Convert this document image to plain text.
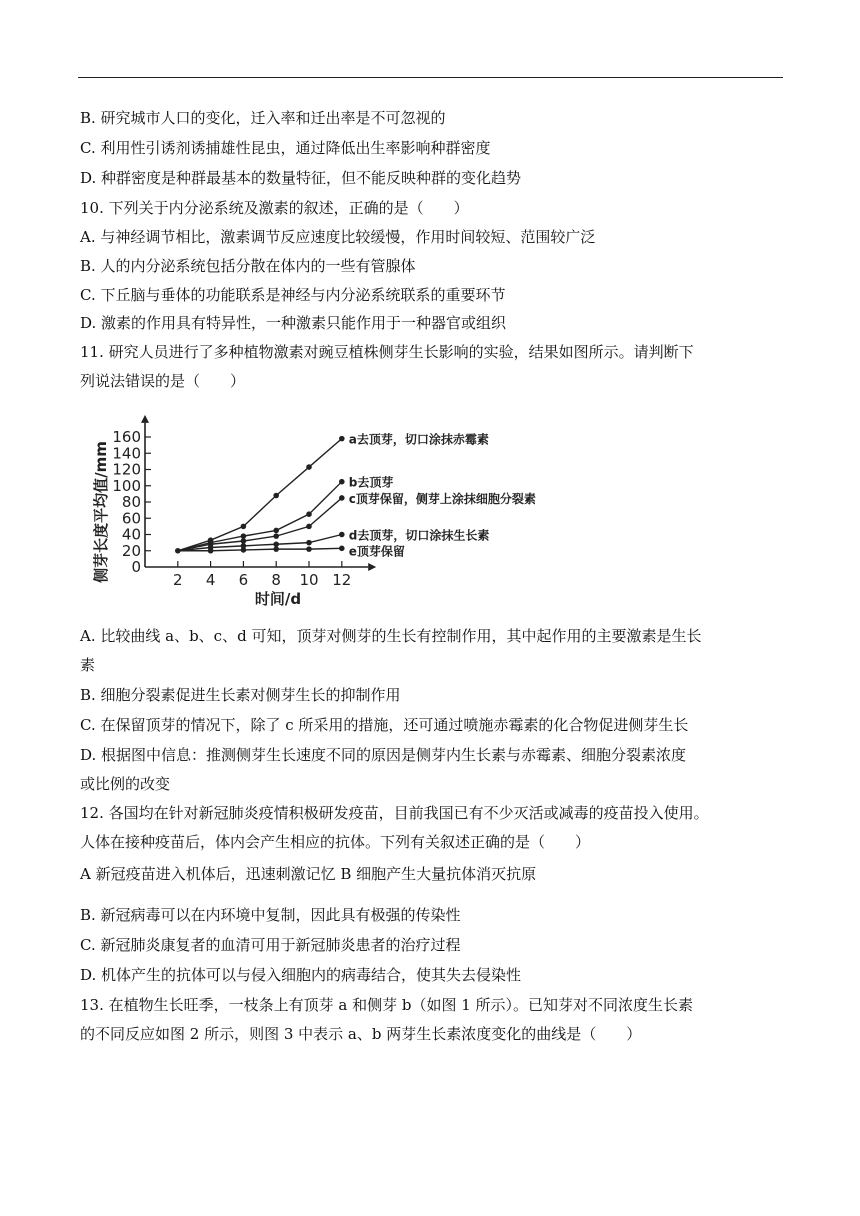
B. 研究城市人口的变化，迁入率和迁出率是不可忽视的
C. 利用性引诱剂诱捕雄性昆虫，通过降低出生率影响种群密度
D. 种群密度是种群最基本的数量特征，但不能反映种群的变化趋势
10. 下列关于内分泌系统及激素的叙述，正确的是（　　）
A. 与神经调节相比，激素调节反应速度比较缓慢，作用时间较短、范围较广泛
B. 人的内分泌系统包括分散在体内的一些有管腺体
C. 下丘脑与垂体的功能联系是神经与内分泌系统联系的重要环节
D. 激素的作用具有特异性，一种激素只能作用于一种器官或组织
11. 研究人员进行了多种植物激素对豌豆植株侧芽生长影响的实验，结果如图所示。请判断下
列说法错误的是（　　）
侧芽长度平均值/mm 0
20
40
60
80
100
120
140
160
2 4 6 8 10 12
时间/d
a去顶芽，切口涂抹赤霉素
b去顶芽
c顶芽保留，侧芽上涂抹细胞分裂素
d去顶芽，切口涂抹生长素
e顶芽保留
A. 比较曲线 a、b、c、d 可知，顶芽对侧芽的生长有控制作用，其中起作用的主要激素是生长
素
B. 细胞分裂素促进生长素对侧芽生长的抑制作用
C. 在保留顶芽的情况下，除了 c 所采用的措施，还可通过喷施赤霉素的化合物促进侧芽生长
D. 根据图中信息：推测侧芽生长速度不同的原因是侧芽内生长素与赤霉素、细胞分裂素浓度
或比例的改变
12. 各国均在针对新冠肺炎疫情积极研发疫苗，目前我国已有不少灭活或减毒的疫苗投入使用。
人体在接种疫苗后，体内会产生相应的抗体。下列有关叙述正确的是（　　）
A 新冠疫苗进入机体后，迅速刺激记忆 B 细胞产生大量抗体消灭抗原
B. 新冠病毒可以在内环境中复制，因此具有极强的传染性
C. 新冠肺炎康复者的血清可用于新冠肺炎患者的治疗过程
D. 机体产生的抗体可以与侵入细胞内的病毒结合，使其失去侵染性
13. 在植物生长旺季，一枝条上有顶芽 a 和侧芽 b（如图 1 所示）。已知芽对不同浓度生长素
的不同反应如图 2 所示，则图 3 中表示 a、b 两芽生长素浓度变化的曲线是（　　）
